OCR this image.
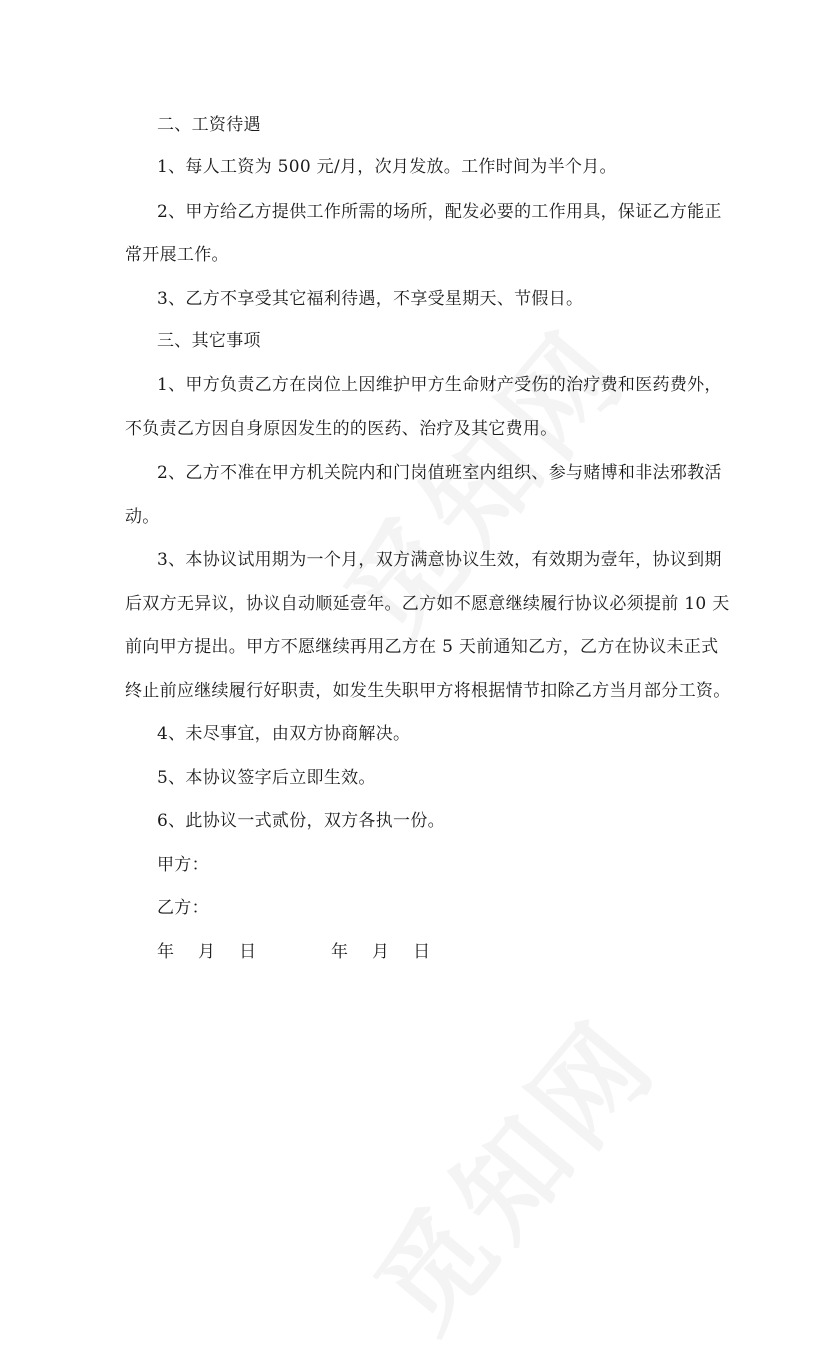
二、工资待遇
1、每人工资为 500 元/月，次月发放。工作时间为半个月。
2、甲方给乙方提供工作所需的场所，配发必要的工作用具，保证乙方能正
常开展工作。
3、乙方不享受其它福利待遇，不享受星期天、节假日。
三、其它事项
1、甲方负责乙方在岗位上因维护甲方生命财产受伤的治疗费和医药费外，
不负责乙方因自身原因发生的的医药、治疗及其它费用。
2、乙方不准在甲方机关院内和门岗值班室内组织、参与赌博和非法邪教活
动。
3、本协议试用期为一个月，双方满意协议生效，有效期为壹年，协议到期
后双方无异议，协议自动顺延壹年。乙方如不愿意继续履行协议必须提前 10 天
前向甲方提出。甲方不愿继续再用乙方在 5 天前通知乙方，乙方在协议未正式
终止前应继续履行好职责，如发生失职甲方将根据情节扣除乙方当月部分工资。
4、未尽事宜，由双方协商解决。
5、本协议签字后立即生效。
6、此协议一式贰份，双方各执一份。
甲方：
乙方：
年 月 日	年 月 日
